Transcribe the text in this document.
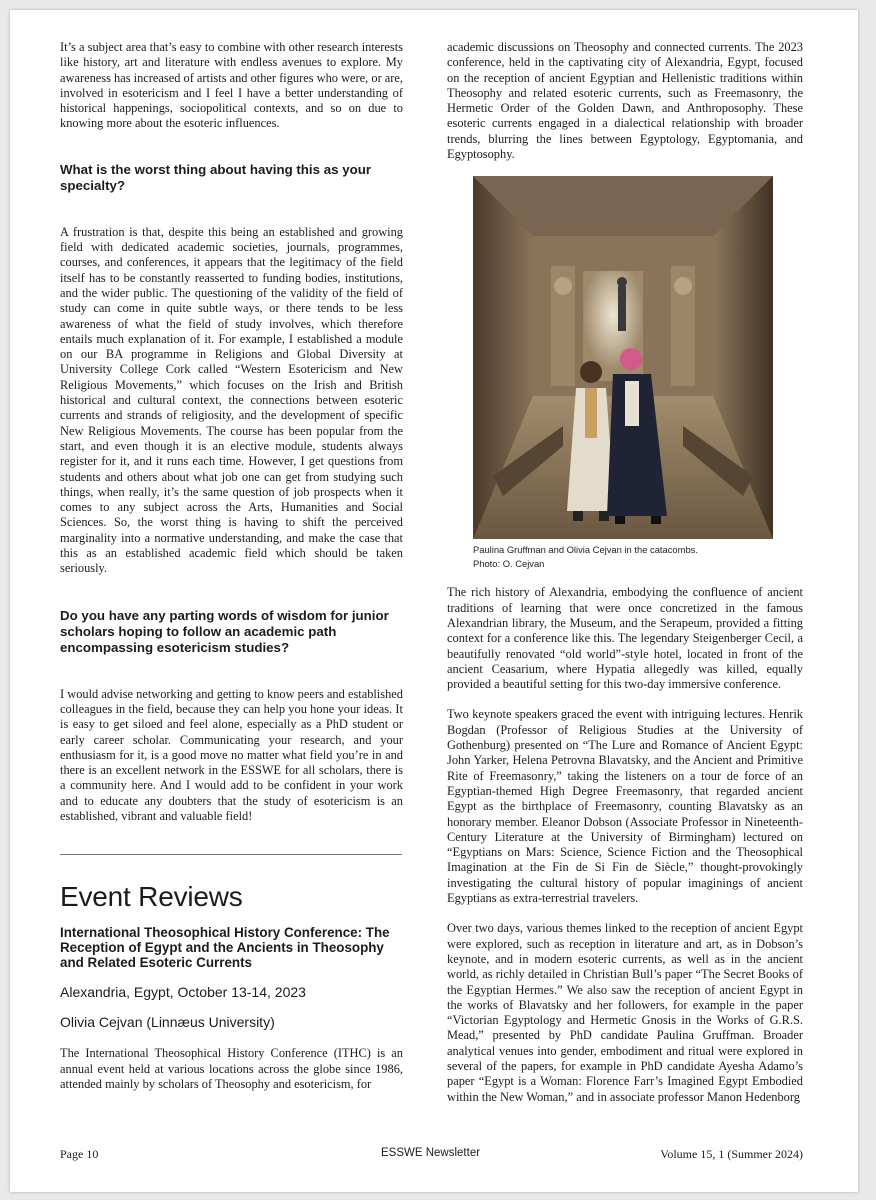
It’s a subject area that’s easy to combine with other research interests like history, art and literature with endless avenues to explore. My awareness has increased of artists and other figures who were, or are, involved in esotericism and I feel I have a better understanding of historical happenings, sociopolitical contexts, and so on due to knowing more about the esoteric influences.

What is the worst thing about having this as your specialty?

A frustration is that, despite this being an established and growing field with dedicated academic societies, journals, programmes, courses, and conferences, it appears that the legitimacy of the field itself has to be constantly reasserted to funding bodies, institutions, and the wider public. The questioning of the validity of the field of study can come in quite subtle ways, or there tends to be less awareness of what the field of study involves, which therefore entails much explanation of it. For example, I established a module on our BA programme in Religions and Global Diversity at University College Cork called “Western Esotericism and New Religious Movements,” which focuses on the Irish and British historical and cultural context, the connections between esoteric currents and strands of religiosity, and the development of specific New Religious Movements. The course has been popular from the start, and even though it is an elective module, students always register for it, and it runs each time. However, I get questions from students and others about what job one can get from studying such things, when really, it’s the same question of job prospects when it comes to any subject across the Arts, Humanities and Social Sciences. So, the worst thing is having to shift the perceived marginality into a normative understanding, and make the case that this as an established academic field which should be taken seriously.

Do you have any parting words of wisdom for junior scholars hoping to follow an academic path encompassing esotericism studies?

I would advise networking and getting to know peers and established colleagues in the field, because they can help you hone your ideas. It is easy to get siloed and feel alone, especially as a PhD student or early career scholar. Communicating your research, and your enthusiasm for it, is a good move no matter what field you’re in and there is an excellent network in the ESSWE for all scholars, there is a community here. And I would add to be confident in your work and to educate any doubters that the study of esotericism is an established, vibrant and valuable field!

Event Reviews
International Theosophical History Conference: The Reception of Egypt and the Ancients in Theosophy and Related Esoteric Currents

Alexandria, Egypt, October 13-14, 2023

Olivia Cejvan (Linnæus University)

The International Theosophical History Conference (ITHC) is an annual event held at various locations across the globe since 1986, attended mainly by scholars of Theosophy and esotericism, for

academic discussions on Theosophy and connected currents. The 2023 conference, held in the captivating city of Alexandria, Egypt, focused on the reception of ancient Egyptian and Hellenistic traditions within Theosophy and related esoteric currents, such as Freemasonry, the Hermetic Order of the Golden Dawn, and Anthroposophy. These esoteric currents engaged in a dialectical relationship with broader trends, blurring the lines between Egyptology, Egyptomania, and Egyptosophy.

Paulina Gruffman and Olivia Cejvan in the catacombs.
Photo: O. Cejvan

The rich history of Alexandria, embodying the confluence of ancient traditions of learning that were once concretized in the famous Alexandrian library, the Museum, and the Serapeum, provided a fitting context for a conference like this. The legendary Steigenberger Cecil, a beautifully renovated “old world”-style hotel, located in front of the ancient Ceasarium, where Hypatia allegedly was killed, equally provided a beautiful setting for this two-day immersive conference.

Two keynote speakers graced the event with intriguing lectures. Henrik Bogdan (Professor of Religious Studies at the University of Gothenburg) presented on “The Lure and Romance of Ancient Egypt: John Yarker, Helena Petrovna Blavatsky, and the Ancient and Primitive Rite of Freemasonry,” taking the listeners on a tour de force of an Egyptian-themed High Degree Freemasonry, that regarded ancient Egypt as the birthplace of Freemasonry, counting Blavatsky as an honorary member. Eleanor Dobson (Associate Professor in Nineteenth-Century Literature at the University of Birmingham) lectured on “Egyptians on Mars: Science, Science Fiction and the Theosophical Imagination at the Fin de Si Fin de Siècle,” thought-provokingly investigating the cultural history of popular imaginings of ancient Egyptians as extra-terrestrial travelers.

Over two days, various themes linked to the reception of ancient Egypt were explored, such as reception in literature and art, as in Dobson’s keynote, and in modern esoteric currents, as well as in the ancient world, as richly detailed in Christian Bull’s paper “The Secret Books of the Egyptian Hermes.” We also saw the reception of ancient Egypt in the works of Blavatsky and her followers, for example in the paper “Victorian Egyptology and Hermetic Gnosis in the Works of G.R.S. Mead,” presented by PhD candidate Paulina Gruffman. Broader analytical venues into gender, embodiment and ritual were explored in several of the papers, for example in PhD candidate Ayesha Adamo’s paper “Egypt is a Woman: Florence Farr’s Imagined Egypt Embodied within the New Woman,” and in associate professor Manon Hedenborg

Page 10	ESSWE Newsletter	Volume 15, 1 (Summer 2024)
